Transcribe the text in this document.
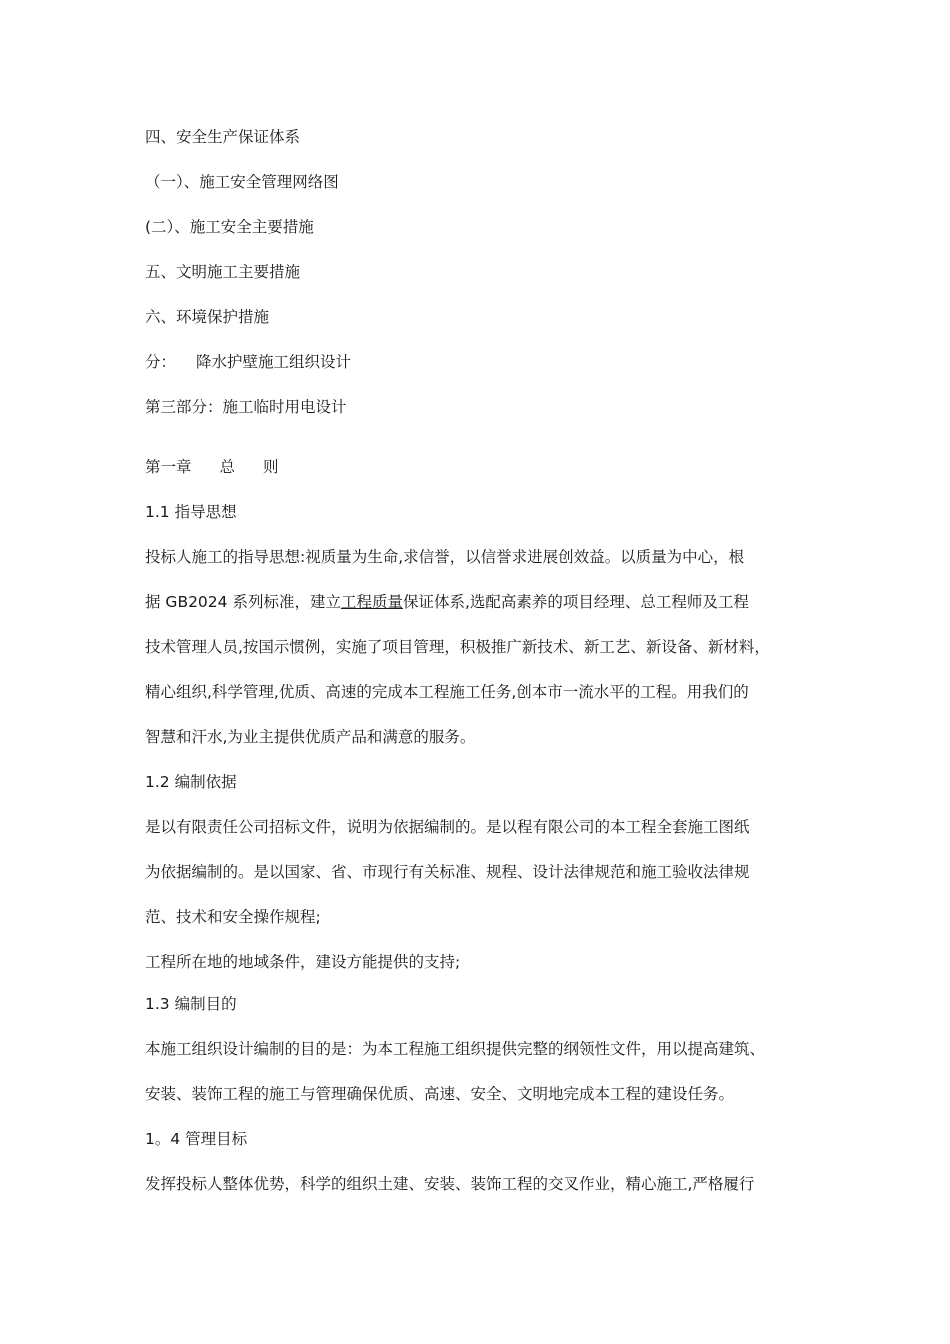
四、安全生产保证体系
（一）、施工安全管理网络图
(二）、施工安全主要措施
五、文明施工主要措施
六、环境保护措施
分： 降水护壁施工组织设计
第三部分：施工临时用电设计
第一章 总 则
1.1 指导思想
投标人施工的指导思想:视质量为生命,求信誉，以信誉求进展创效益。以质量为中心，根
据 GB2024 系列标准，建立工程质量保证体系,选配高素养的项目经理、总工程师及工程
技术管理人员,按国示惯例，实施了项目管理，积极推广新技术、新工艺、新设备、新材料，
精心组织,科学管理,优质、高速的完成本工程施工任务,创本市一流水平的工程。用我们的
智慧和汗水,为业主提供优质产品和满意的服务。
1.2 编制依据
是以有限责任公司招标文件，说明为依据编制的。是以程有限公司的本工程全套施工图纸
为依据编制的。是以国家、省、市现行有关标准、规程、设计法律规范和施工验收法律规
范、技术和安全操作规程;
工程所在地的地域条件，建设方能提供的支持;
1.3 编制目的
本施工组织设计编制的目的是：为本工程施工组织提供完整的纲领性文件，用以提高建筑、
安装、装饰工程的施工与管理确保优质、高速、安全、文明地完成本工程的建设任务。
1。4 管理目标
发挥投标人整体优势，科学的组织土建、安装、装饰工程的交叉作业，精心施工,严格履行
